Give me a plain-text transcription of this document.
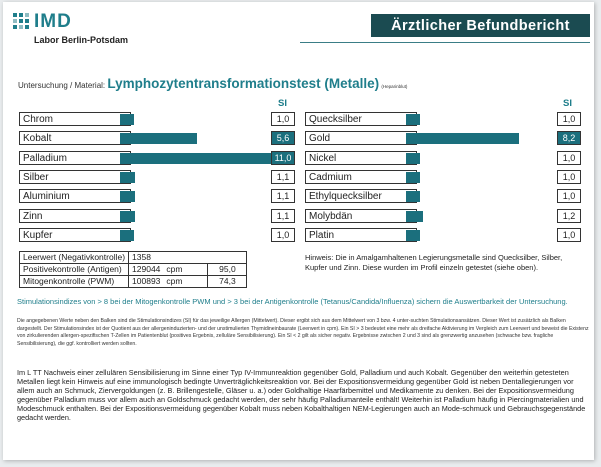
IMD
Labor Berlin-Potsdam
Ärztlicher Befundbericht
Untersuchung / Material: Lymphozytentransformationstest (Metalle) (Heparinblut)
SI	SI
Chrom	1,0
Kobalt	5,6
Palladium	11,0
Silber	1,1
Aluminium	1,1
Zinn	1,1
Kupfer	1,0
Quecksilber	1,0
Gold	8,2
Nickel	1,0
Cadmium	1,0
Ethylquecksilber	1,0
Molybdän	1,2
Platin	1,0
Leerwert (Negativkontrolle)	1358		
Positivekontrolle (Antigen)	129044	cpm	95,0
Mitogenkontrolle (PWM)	100893	cpm	74,3
Hinweis: Die in Amalgamhaltenen Legierungsmetalle sind Quecksilber, Silber, Kupfer und Zinn. Diese wurden im Profil einzeln getestet (siehe oben).
Stimulationsindizes von > 8 bei der Mitogenkontrolle PWM und > 3 bei der Antigenkontrolle (Tetanus/Candida/Influenza) sichern die Auswertbarkeit der Untersuchung.
Die angegebenen Werte neben den Balken sind die Stimulationsindizes (SI) für das jeweilige Allergen (Mittelwert). Dieser ergibt sich aus dem Mittelwert von 3 bzw. 4 unter-suchten Stimulationsansätzen. Dieser Wert ist zusätzlich als Balken dargestellt. Der Stimulationsindex ist der Quotient aus der allergeninduzierten- und der unstimulierten Thymidineinbaurate (Leerwert in cpm). Ein SI > 3 bedeutet eine mehr als dreifache Aktivierung im Vergleich zum Leerwert und beweist die Existenz von zirkulierenden allergen-spezifischen T-Zellen im Patientenblut (positives Ergebnis, zelluläre Sensibilisierung). Ein SI < 2 gilt als sicher negativ. Ergebnisse zwischen 2 und 3 sind als grenzwertig anzusehen (schwache bzw. fragliche Sensibilisierung), die ggf. kontrolliert werden sollten.
Im L TT Nachweis einer zellulären Sensibilisierung im Sinne einer Typ IV-Immunreaktion gegenüber Gold, Palladium und auch Kobalt. Gegenüber den weiterhin getesteten Metallen liegt kein Hinweis auf eine immunologisch bedingte Unverträglichkeitsreaktion vor. Bei der Expositionsvermeidung gegenüber Gold ist neben Dentallegierungen vor allem auch an Schmuck, Ziervergoldungen (z. B. Brillengestelle, Gläser u. a.) oder Goldhaltige Haarfärbemittel und Medikamente zu denken. Bei der Expositionsvermeidung gegenüber Palladium muss vor allem auch an Goldschmuck gedacht werden, der sehr häufig Palladiumanteile enthält! Weiterhin ist Palladium häufig in Piercingmaterialien und Modeschmuck enthalten. Bei der Expositionsvermeidung gegenüber Kobalt muss neben Kobalthaltigen NEM-Legierungen auch an Mode-schmuck und Gebrauchsgegenstände gedacht werden.
